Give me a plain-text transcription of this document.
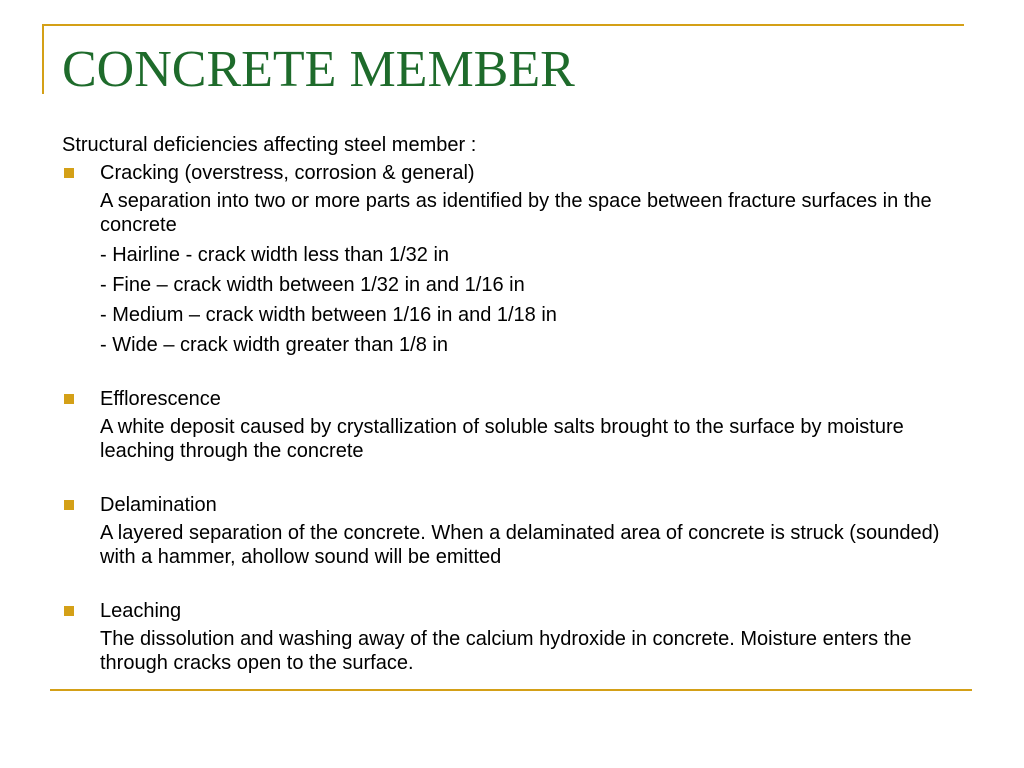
CONCRETE MEMBER

Structural deficiencies affecting steel member :

Cracking (overstress, corrosion & general)

A separation into two or more parts as identified by the space between fracture surfaces in the concrete

- Hairline - crack width less than 1/32 in

- Fine – crack width between 1/32 in and 1/16 in

- Medium – crack width between 1/16 in and 1/18 in

- Wide – crack width greater than 1/8 in

Efflorescence

A white deposit caused by crystallization of soluble salts brought to the surface by moisture leaching through the concrete

Delamination

A layered separation of the concrete. When a delaminated area of concrete is struck (sounded) with a hammer, ahollow sound will be emitted

Leaching

The dissolution and washing away of the calcium hydroxide in concrete. Moisture enters the through cracks open to the surface.
